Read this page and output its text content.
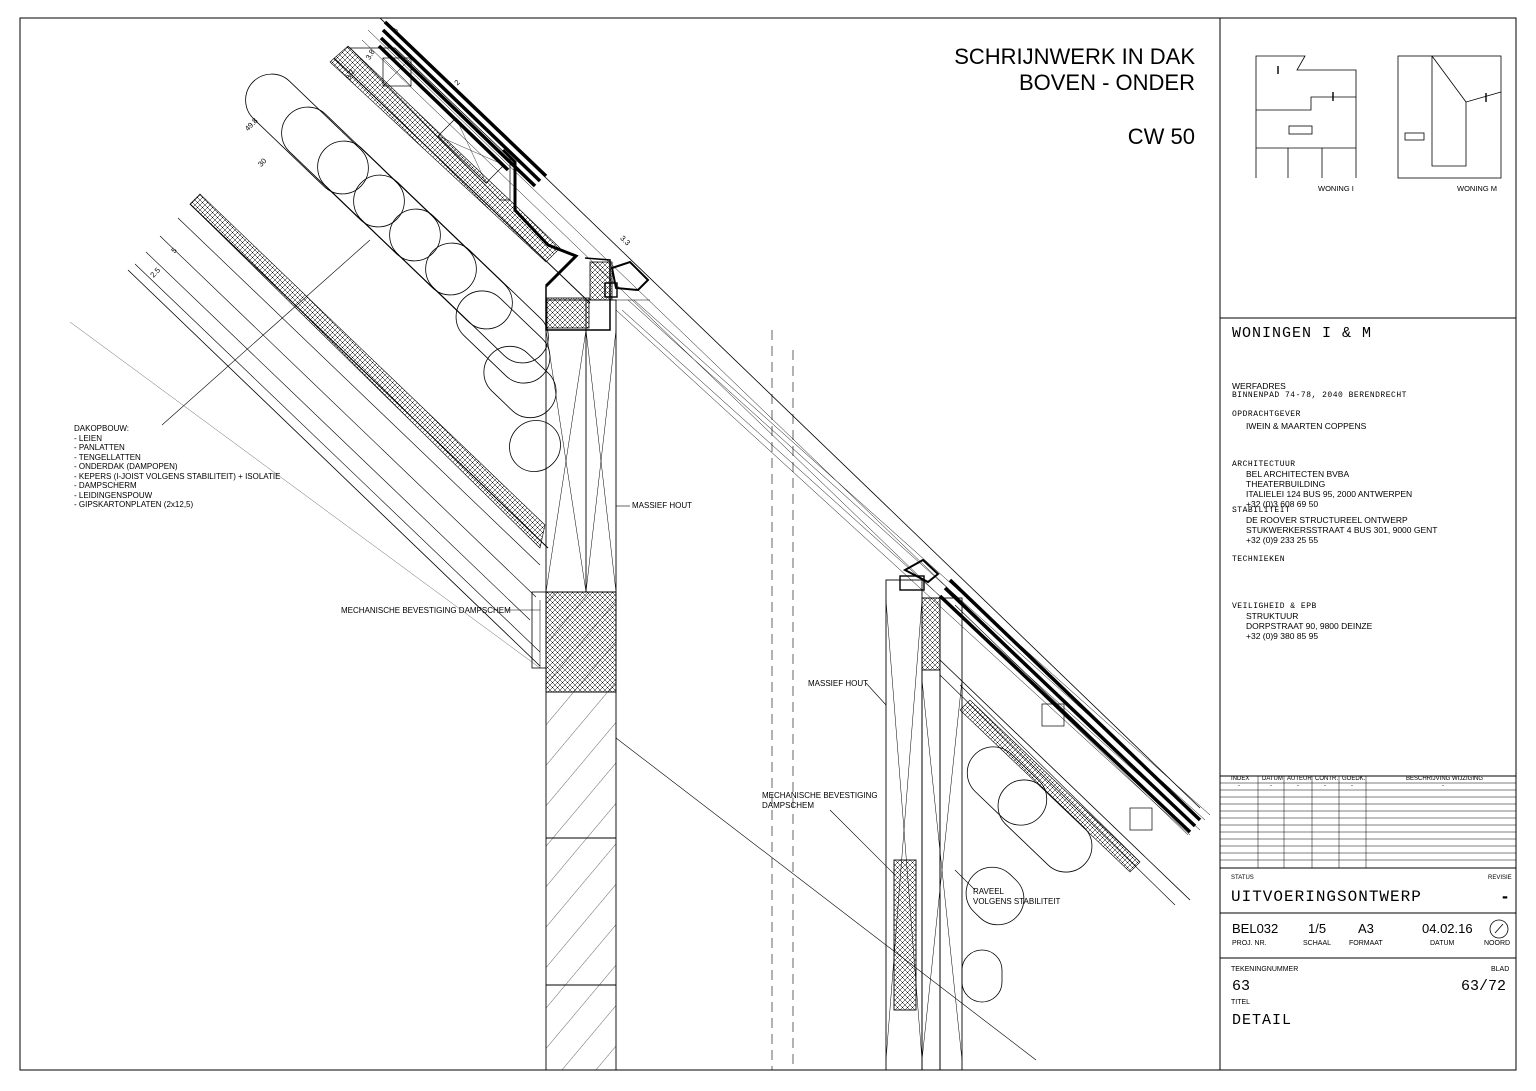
SCHRIJNWERK IN DAK
BOVEN - ONDER
CW 50
WONING I	WONING M
8
3.8
3.2
2
49.8
30
5
2.5
3.3
DAKOPBOUW:
- LEIEN
- PANLATTEN
- TENGELLATTEN
- ONDERDAK (DAMPOPEN)
- KEPERS (I-JOIST VOLGENS STABILITEIT) + ISOLATIE
- DAMPSCHERM
- LEIDINGENSPOUW
- GIPSKARTONPLATEN (2x12,5)	MASSIEF HOUT
MECHANISCHE BEVESTIGING DAMPSCHEM
MASSIEF HOUT
MECHANISCHE BEVESTIGING
DAMPSCHEM
RAVEEL
VOLGENS STABILITEIT
WONINGEN I & M
WERFADRES
BINNENPAD 74-78, 2040 BERENDRECHT
OPDRACHTGEVER
IWEIN & MAARTEN COPPENS
ARCHITECTUUR
BEL ARCHITECTEN BVBA
THEATERBUILDING
ITALIELEI 124 BUS 95, 2000 ANTWERPEN
+32 (0)3 608 69 50
STABILITEIT
DE ROOVER STRUCTUREEL ONTWERP
STUKWERKERSSTRAAT 4 BUS 301, 9000 GENT
+32 (0)9 233 25 55
TECHNIEKEN
VEILIGHEID & EPB
STRUKTUUR
DORPSTRAAT 90, 9800 DEINZE
+32 (0)9 380 85 95
INDEX DATUM AUTEUR CONTR. GOEDK.	BESCHRIJVING WIJZIGING
-	-	-	-	-	-
STATUS	REVISIE
UITVOERINGSONTWERP	-
BEL032 1/5 A3	04.02.16
PROJ. NR.	SCHAAL	FORMAAT	DATUM	NOORD
TEKENINGNUMMER	BLAD
63	63/72
TITEL
DETAIL
